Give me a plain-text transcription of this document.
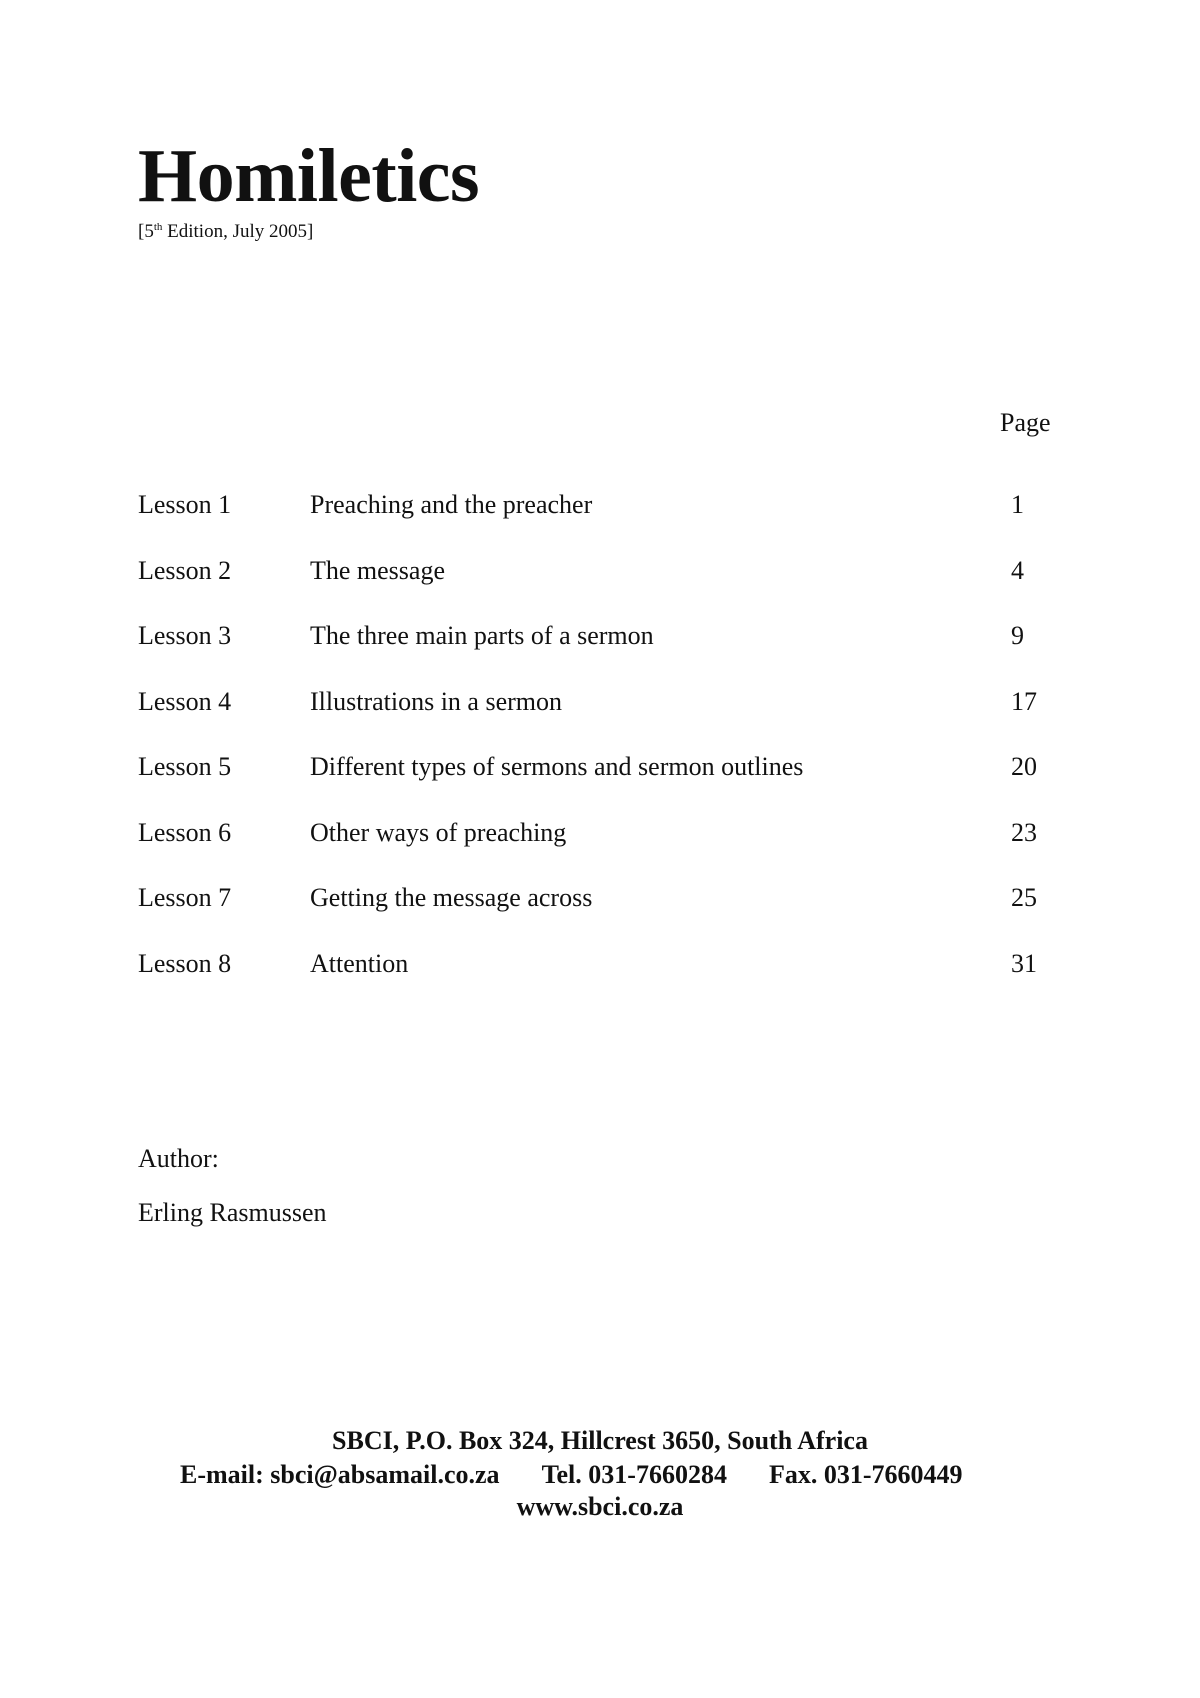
Homiletics
[5th Edition, July 2005]
Page
Lesson 1	Preaching and the preacher	1
Lesson 2	The message	4
Lesson 3	The three main parts of a sermon	9
Lesson 4	Illustrations in a sermon	17
Lesson 5	Different types of sermons and sermon outlines	20
Lesson 6	Other ways of preaching	23
Lesson 7	Getting the message across	25
Lesson 8	Attention	31
Author:
Erling Rasmussen
SBCI, P.O. Box 324, Hillcrest 3650, South Africa
E-mail: sbci@absamail.co.za Tel. 031-7660284 Fax. 031-7660449
www.sbci.co.za
